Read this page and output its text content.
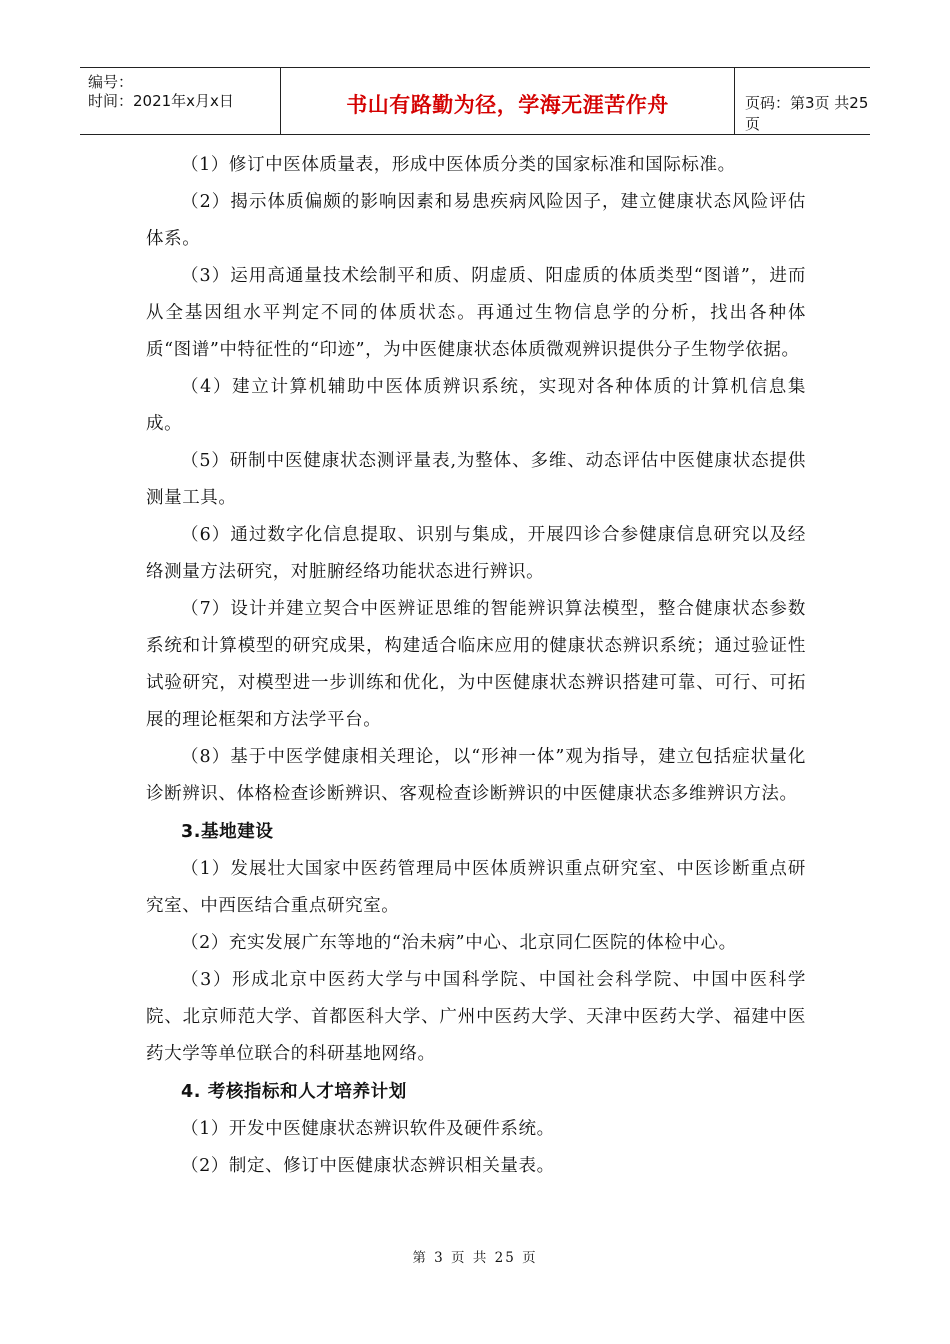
编号：
时间：2021年x月x日	书山有路勤为径，学海无涯苦作舟	页码：第3页 共25页

（1）修订中医体质量表，形成中医体质分类的国家标准和国际标准。

（2）揭示体质偏颇的影响因素和易患疾病风险因子，建立健康状态风险评估体系。

（3）运用高通量技术绘制平和质、阴虚质、阳虚质的体质类型“图谱”，进而从全基因组水平判定不同的体质状态。再通过生物信息学的分析，找出各种体质“图谱”中特征性的“印迹”，为中医健康状态体质微观辨识提供分子生物学依据。

（4）建立计算机辅助中医体质辨识系统，实现对各种体质的计算机信息集成。

（5）研制中医健康状态测评量表,为整体、多维、动态评估中医健康状态提供测量工具。

（6）通过数字化信息提取、识别与集成，开展四诊合参健康信息研究以及经络测量方法研究，对脏腑经络功能状态进行辨识。

（7）设计并建立契合中医辨证思维的智能辨识算法模型，整合健康状态参数系统和计算模型的研究成果，构建适合临床应用的健康状态辨识系统；通过验证性试验研究，对模型进一步训练和优化，为中医健康状态辨识搭建可靠、可行、可拓展的理论框架和方法学平台。

（8）基于中医学健康相关理论，以“形神一体”观为指导，建立包括症状量化诊断辨识、体格检查诊断辨识、客观检查诊断辨识的中医健康状态多维辨识方法。

3.基地建设

（1）发展壮大国家中医药管理局中医体质辨识重点研究室、中医诊断重点研究室、中西医结合重点研究室。

（2）充实发展广东等地的“治未病”中心、北京同仁医院的体检中心。

（3）形成北京中医药大学与中国科学院、中国社会科学院、中国中医科学院、北京师范大学、首都医科大学、广州中医药大学、天津中医药大学、福建中医药大学等单位联合的科研基地网络。

4. 考核指标和人才培养计划

（1）开发中医健康状态辨识软件及硬件系统。

（2）制定、修订中医健康状态辨识相关量表。

第 3 页 共 25 页
